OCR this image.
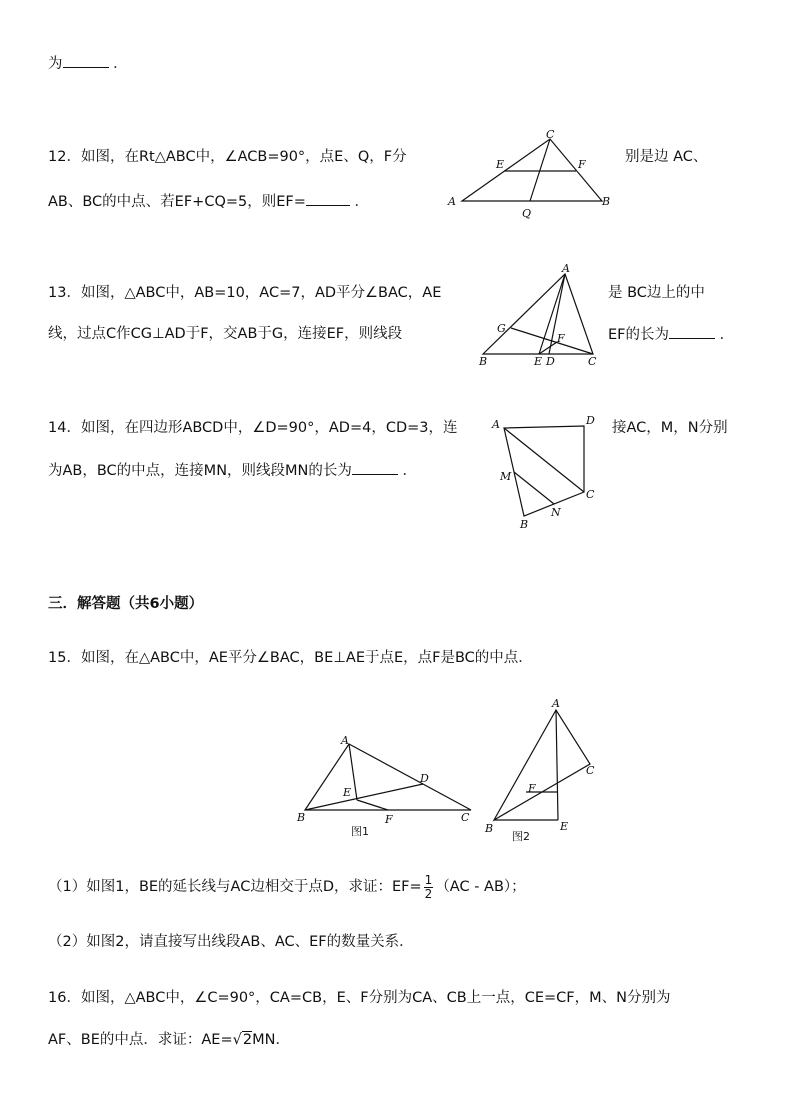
为	．
12．如图，在Rt△ABC中，∠ACB=90°，点E、Q，F分	别是边 AC、
AB、BC的中点、若EF+CQ=5，则EF=	．
C
E	F
A	B
Q
13．如图，△ABC中，AB=10，AC=7，AD平分∠BAC，AE	是 BC边上的中
线，过点C作CG⊥AD于F，交AB于G，连接EF，则线段	EF的长为	．
A
G
F
B	E D	C
14．如图，在四边形ABCD中，∠D=90°，AD=4，CD=3，连	接AC，M，N分别
为AB，BC的中点，连接MN，则线段MN的长为	．
A	D
M
C
N
B
三．解答题（共6小题）
15．如图，在△ABC中，AE平分∠BAC，BE⊥AE于点E，点F是BC的中点．
A
D
E
B	F	C
图1
A
C
F
B	E
图2
（1）如图1，BE的延长线与AC边相交于点D，求证：$EF= \frac{1}{2} (AC - AB)$；
（2）如图2，请直接写出线段AB、AC、EF的数量关系．
16．如图，△ABC中，∠C=90°，CA=CB，E、F分别为CA、CB上一点，CE=CF，M、N分别为
AF、BE的中点．求证：AE=√2MN．
